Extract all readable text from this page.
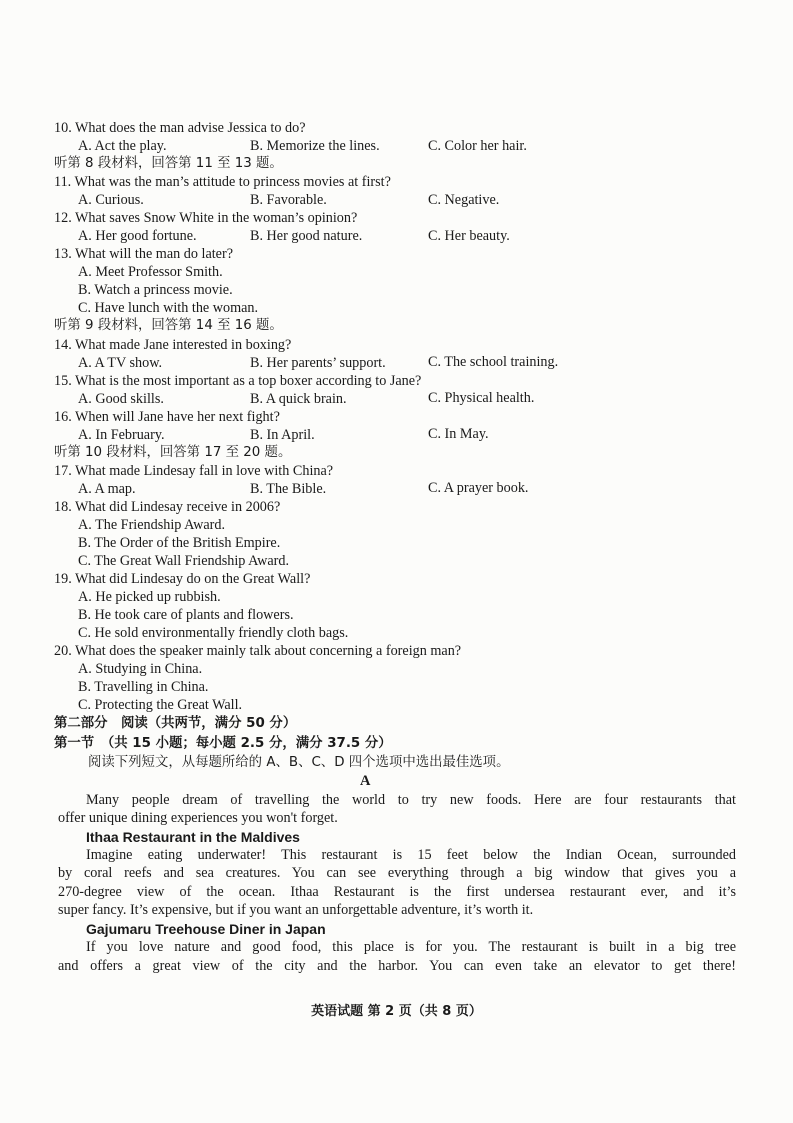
10. What does the man advise Jessica to do?
A. Act the play.	B. Memorize the lines.	C. Color her hair.
听第 8 段材料，回答第 11 至 13 题。
11. What was the man’s attitude to princess movies at first?
A. Curious.	B. Favorable.	C. Negative.
12. What saves Snow White in the woman’s opinion?
A. Her good fortune.	B. Her good nature.	C. Her beauty.
13. What will the man do later?
A. Meet Professor Smith.
B. Watch a princess movie.
C. Have lunch with the woman.
听第 9 段材料，回答第 14 至 16 题。
14. What made Jane interested in boxing?
A. A TV show.	B. Her parents’ support.	C. The school training.
15. What is the most important as a top boxer according to Jane?
A. Good skills.	B. A quick brain.	C. Physical health.
16. When will Jane have her next fight?
A. In February.	B. In April.	C. In May.
听第 10 段材料，回答第 17 至 20 题。
17. What made Lindesay fall in love with China?
A. A map.	B. The Bible.	C. A prayer book.
18. What did Lindesay receive in 2006?
A. The Friendship Award.
B. The Order of the British Empire.
C. The Great Wall Friendship Award.
19. What did Lindesay do on the Great Wall?
A. He picked up rubbish.
B. He took care of plants and flowers.
C. He sold environmentally friendly cloth bags.
20. What does the speaker mainly talk about concerning a foreign man?
A. Studying in China.
B. Travelling in China.
C. Protecting the Great Wall.
第二部分　阅读（共两节，满分 50 分）
第一节　（共 15 小题；每小题 2.5 分，满分 37.5 分）
阅读下列短文，从每题所给的 A、B、C、D 四个选项中选出最佳选项。
A
Many people dream of travelling the world to try new foods. Here are four restaurants that
offer unique dining experiences you won't forget.
Ithaa Restaurant in the Maldives
Imagine eating underwater! This restaurant is 15 feet below the Indian Ocean, surrounded
by coral reefs and sea creatures. You can see everything through a big window that gives you a
270-degree view of the ocean. Ithaa Restaurant is the first undersea restaurant ever, and it’s
super fancy. It’s expensive, but if you want an unforgettable adventure, it’s worth it.
Gajumaru Treehouse Diner in Japan
If you love nature and good food, this place is for you. The restaurant is built in a big tree
and offers a great view of the city and the harbor. You can even take an elevator to get there!
英语试题 第 2 页（共 8 页）
